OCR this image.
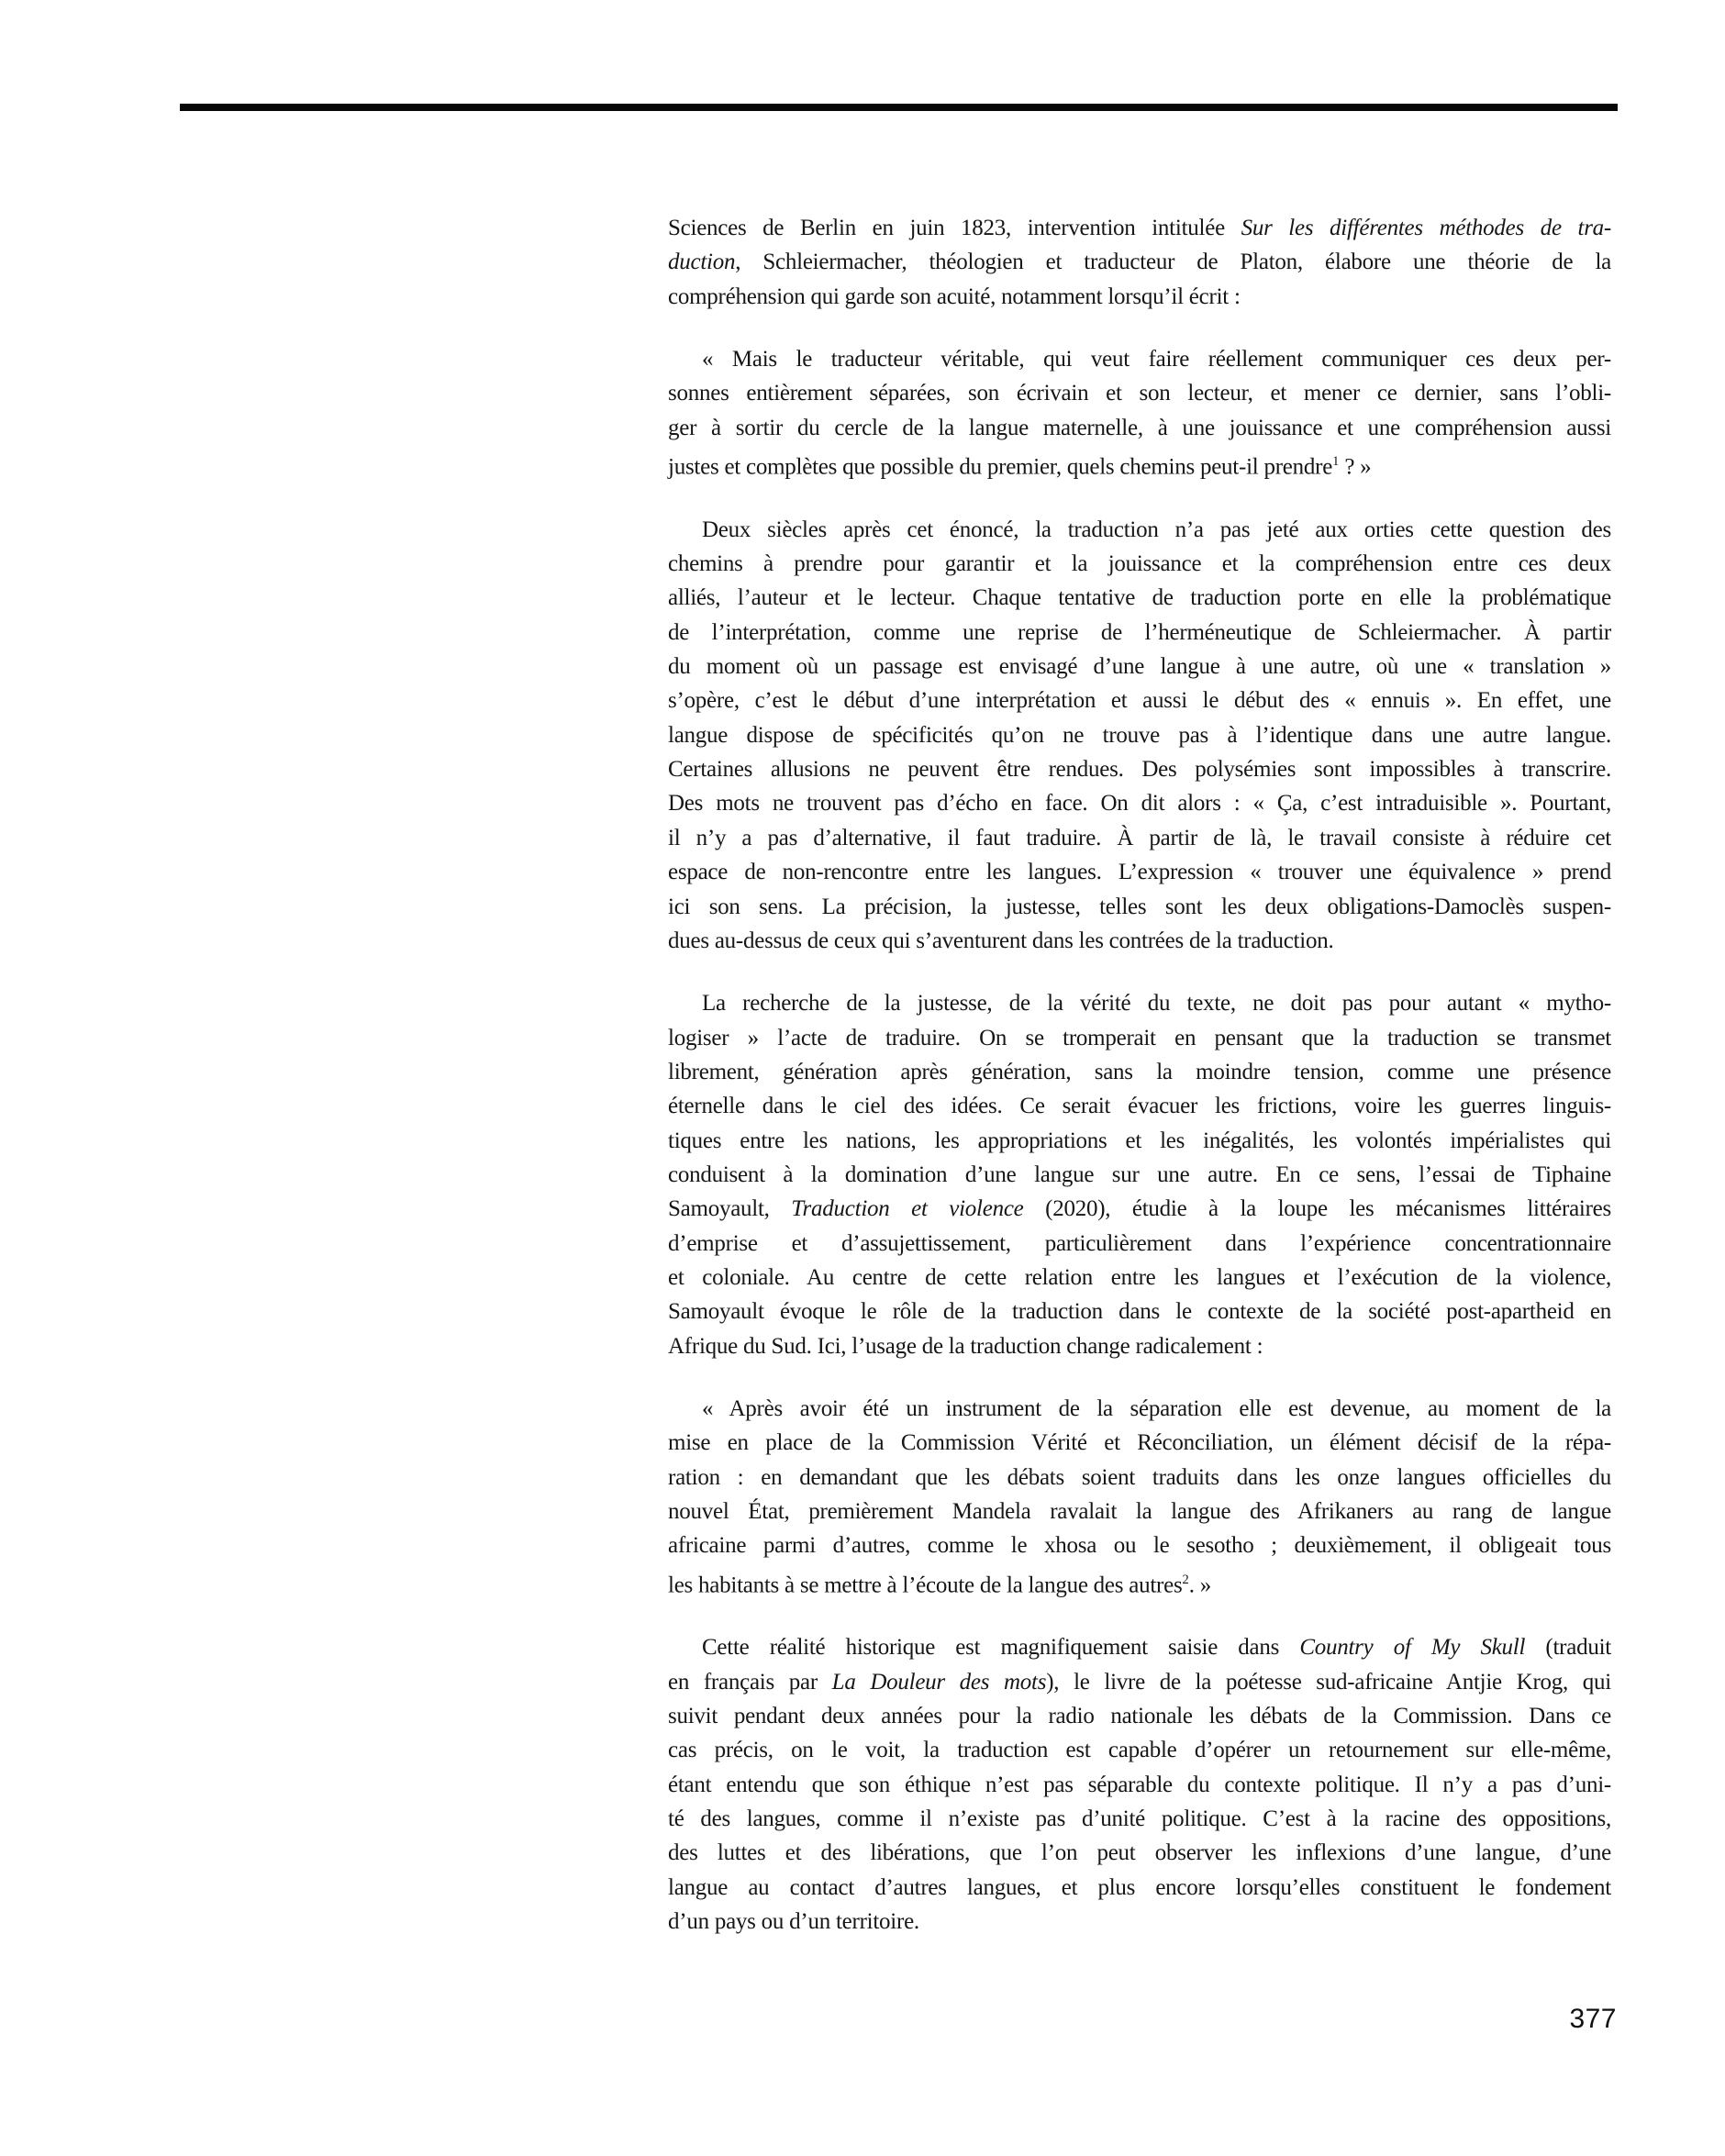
Sciences de Berlin en juin 1823, intervention intitulée Sur les différentes méthodes de tra-
duction, Schleiermacher, théologien et traducteur de Platon, élabore une théorie de la
compréhension qui garde son acuité, notamment lorsqu’il écrit :
« Mais le traducteur véritable, qui veut faire réellement communiquer ces deux per-
sonnes entièrement séparées, son écrivain et son lecteur, et mener ce dernier, sans l’obli-
ger à sortir du cercle de la langue maternelle, à une jouissance et une compréhension aussi
justes et complètes que possible du premier, quels chemins peut-il prendre$^1$ ? »
Deux siècles après cet énoncé, la traduction n’a pas jeté aux orties cette question des
chemins à prendre pour garantir et la jouissance et la compréhension entre ces deux
alliés, l’auteur et le lecteur. Chaque tentative de traduction porte en elle la problématique
de l’interprétation, comme une reprise de l’herméneutique de Schleiermacher. À partir
du moment où un passage est envisagé d’une langue à une autre, où une « translation »
s’opère, c’est le début d’une interprétation et aussi le début des « ennuis ». En effet, une
langue dispose de spécificités qu’on ne trouve pas à l’identique dans une autre langue.
Certaines allusions ne peuvent être rendues. Des polysémies sont impossibles à transcrire.
Des mots ne trouvent pas d’écho en face. On dit alors : « Ça, c’est intraduisible ». Pourtant,
il n’y a pas d’alternative, il faut traduire. À partir de là, le travail consiste à réduire cet
espace de non-rencontre entre les langues. L’expression « trouver une équivalence » prend
ici son sens. La précision, la justesse, telles sont les deux obligations-Damoclès suspen-
dues au-dessus de ceux qui s’aventurent dans les contrées de la traduction.
La recherche de la justesse, de la vérité du texte, ne doit pas pour autant « mytho-
logiser » l’acte de traduire. On se tromperait en pensant que la traduction se transmet
librement, génération après génération, sans la moindre tension, comme une présence
éternelle dans le ciel des idées. Ce serait évacuer les frictions, voire les guerres linguis-
tiques entre les nations, les appropriations et les inégalités, les volontés impérialistes qui
conduisent à la domination d’une langue sur une autre. En ce sens, l’essai de Tiphaine
Samoyault, Traduction et violence (2020), étudie à la loupe les mécanismes littéraires
d’emprise et d’assujettissement, particulièrement dans l’expérience concentrationnaire
et coloniale. Au centre de cette relation entre les langues et l’exécution de la violence,
Samoyault évoque le rôle de la traduction dans le contexte de la société post-apartheid en
Afrique du Sud. Ici, l’usage de la traduction change radicalement :
« Après avoir été un instrument de la séparation elle est devenue, au moment de la
mise en place de la Commission Vérité et Réconciliation, un élément décisif de la répa-
ration : en demandant que les débats soient traduits dans les onze langues officielles du
nouvel État, premièrement Mandela ravalait la langue des Afrikaners au rang de langue
africaine parmi d’autres, comme le xhosa ou le sesotho ; deuxièmement, il obligeait tous
les habitants à se mettre à l’écoute de la langue des autres$^2$. »
Cette réalité historique est magnifiquement saisie dans Country of My Skull (traduit
en français par La Douleur des mots), le livre de la poétesse sud-africaine Antjie Krog, qui
suivit pendant deux années pour la radio nationale les débats de la Commission. Dans ce
cas précis, on le voit, la traduction est capable d’opérer un retournement sur elle-même,
étant entendu que son éthique n’est pas séparable du contexte politique. Il n’y a pas d’uni-
té des langues, comme il n’existe pas d’unité politique. C’est à la racine des oppositions,
des luttes et des libérations, que l’on peut observer les inflexions d’une langue, d’une
langue au contact d’autres langues, et plus encore lorsqu’elles constituent le fondement
d’un pays ou d’un territoire.
377
